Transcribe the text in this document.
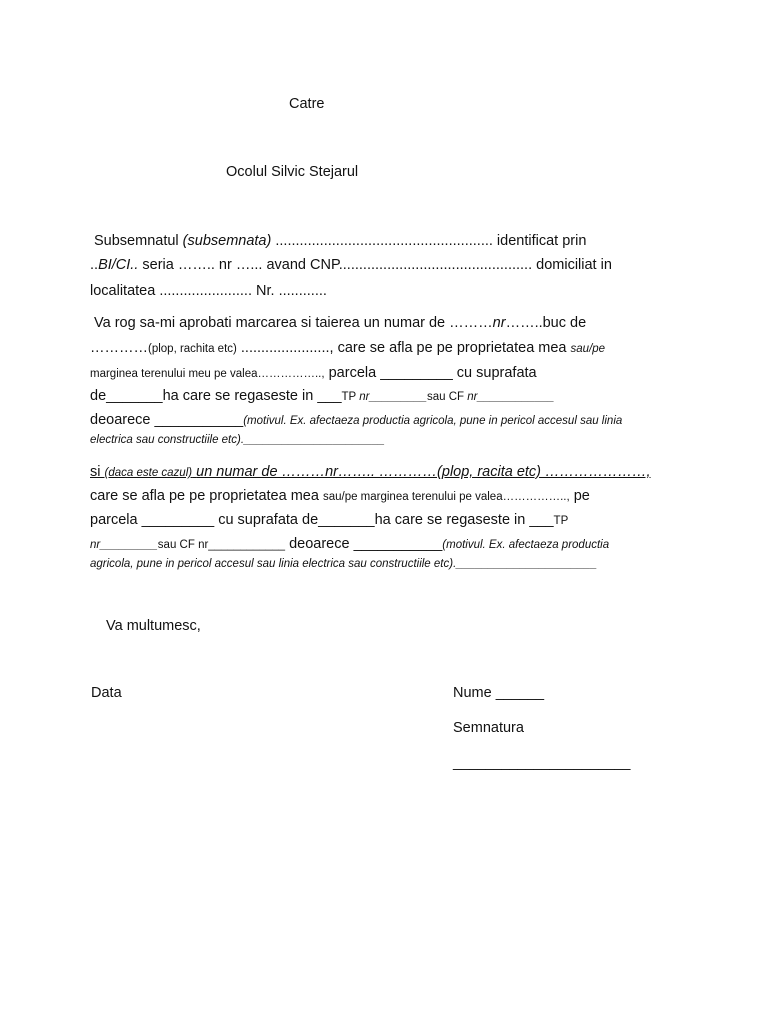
Catre
Ocolul Silvic Stejarul
Subsemnatul (subsemnata) ...................................................... identificat prin
..BI/CI.. seria …….. nr …... avand CNP................................................ domiciliat in
localitatea ....................... Nr. ............
Va rog sa-mi aprobati marcarea si taierea un numar de ………nr……..buc de
…………(plop, rachita etc) ......................, care se afla pe pe proprietatea mea sau/pe
marginea terenului meu pe valea…………….., parcela _________ cu suprafata
de_______ha care se regaseste in ___TP nr_________sau CF nr____________
deoarece ___________(motivul. Ex. afectaeza productia agricola, pune in pericol accesul sau linia
electrica sau constructiile etc).______________________
si (daca este cazul) un numar de ………nr…….. …………(plop, racita etc) …………………,
care se afla pe pe proprietatea mea sau/pe marginea terenului pe valea…………….., pe
parcela _________ cu suprafata de_______ha care se regaseste in ___TP
nr_________sau CF nr____________ deoarece ___________(motivul. Ex. afectaeza productia
agricola, pune in pericol accesul sau linia electrica sau constructiile etc).______________________
Va multumesc,
Data	Nume ______
Semnatura
______________________
